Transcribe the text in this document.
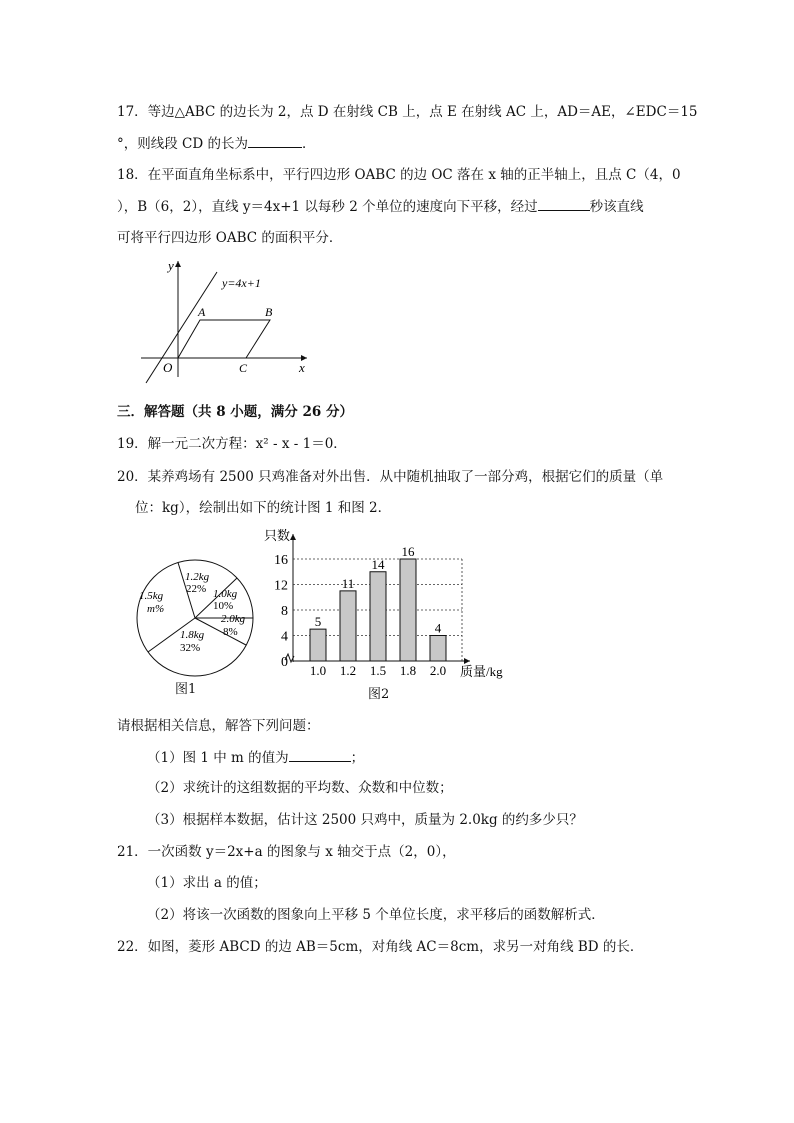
17．等边△ABC 的边长为 2，点 D 在射线 CB 上，点 E 在射线 AC 上，AD＝AE，∠EDC＝15
°，则线段 CD 的长为	．
18．在平面直角坐标系中，平行四边形 OABC 的边 OC 落在 x 轴的正半轴上，且点 C（4，0
），B（6，2），直线 y＝4x+1 以每秒 2 个单位的速度向下平移，经过	秒该直线
可将平行四边形 OABC 的面积平分．
y
x
O
A	B
C
y=4x+1
三．解答题（共 8 小题，满分 26 分）
19．解一元二次方程：x² - x - 1＝0．
20．某养鸡场有 2500 只鸡准备对外出售．从中随机抽取了一部分鸡，根据它们的质量（单
位：kg），绘制出如下的统计图 1 和图 2．
1.2kg
22% 1.0kg
10%
2.0kg
8%
1.8kg
32%
1.5kg
m%
图1
只数
质量/kg
0
4
8
12
16
5
1.0
11
1.2
14
1.5
16
1.8
4
2.0
图2
请根据相关信息，解答下列问题：
（1）图 1 中 m 的值为	；
（2）求统计的这组数据的平均数、众数和中位数；
（3）根据样本数据，估计这 2500 只鸡中，质量为 2.0kg 的约多少只？
21．一次函数 y＝2x+a 的图象与 x 轴交于点（2，0），
（1）求出 a 的值；
（2）将该一次函数的图象向上平移 5 个单位长度，求平移后的函数解析式．
22．如图，菱形 ABCD 的边 AB＝5cm，对角线 AC＝8cm，求另一对角线 BD 的长．
